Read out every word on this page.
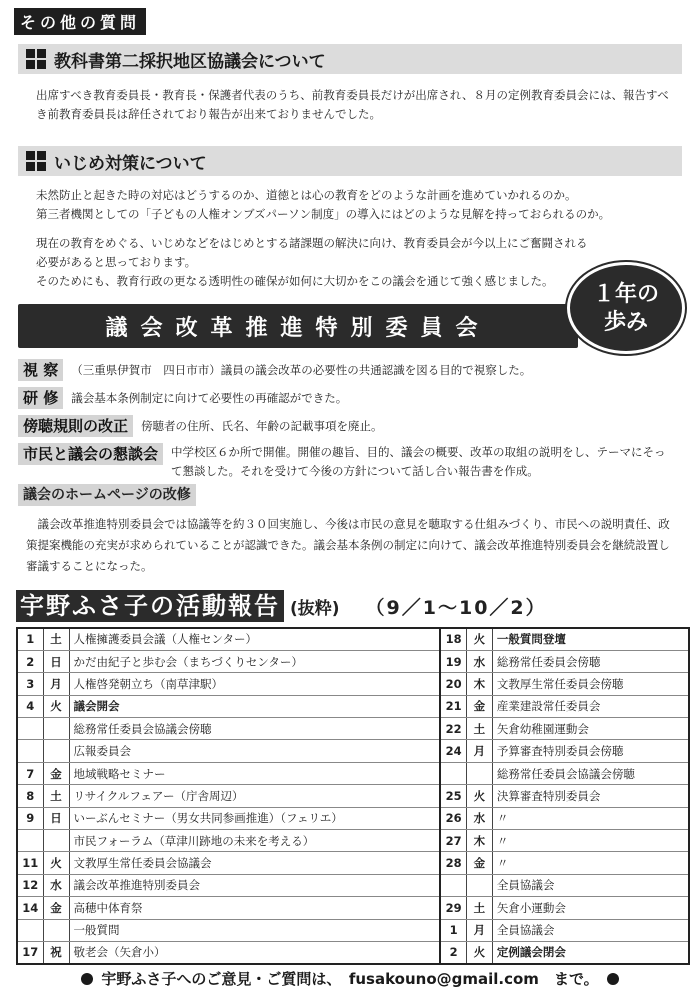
その他の質問
教科書第二採択地区協議会について
出席すべき教育委員長・教育長・保護者代表のうち、前教育委員長だけが出席され、８月の定例教育委員会には、報告すべき前教育委員長は辞任されており報告が出来ておりませんでした。
いじめ対策について
未然防止と起きた時の対応はどうするのか、道徳とは心の教育をどのような計画を進めていかれるのか。
第三者機関としての「子どもの人権オンブズパーソン制度」の導入にはどのような見解を持っておられるのか。
現在の教育をめぐる、いじめなどをはじめとする諸課題の解決に向け、教育委員会が今以上にご奮闘される必要があると思っております。
そのためにも、教育行政の更なる透明性の確保が如何に大切かをこの議会を通じて強く感じました。
議会改革推進特別委員会
１年の
歩み
視 察	（三重県伊賀市　四日市市）議員の議会改革の必要性の共通認識を図る目的で視察した。
研 修	議会基本条例制定に向けて必要性の再確認ができた。
傍聴規則の改正	傍聴者の住所、氏名、年齢の記載事項を廃止。
市民と議会の懇談会	中学校区６か所で開催。開催の趣旨、目的、議会の概要、改革の取組の説明をし、テーマにそって懇談した。それを受けて今後の方針について話し合い報告書を作成。
議会のホームページの改修
議会改革推進特別委員会では協議等を約３０回実施し、今後は市民の意見を聴取する仕組みづくり、市民への説明責任、政策提案機能の充実が求められていることが認識できた。議会基本条例の制定に向けて、議会改革推進特別委員会を継続設置し審議することになった。
宇野ふさ子の活動報告 (抜粋) （9／1～10／2）
1	土	人権擁護委員会議（人権センター）	18	火	一般質問登壇
2	日	かだ由紀子と歩む会（まちづくりセンター）	19	水	総務常任委員会傍聴
3	月	人権啓発朝立ち（南草津駅）	20	木	文教厚生常任委員会傍聴
4	火	議会開会	21	金	産業建設常任委員会
		総務常任委員会協議会傍聴	22	土	矢倉幼稚園運動会
		広報委員会	24	月	予算審査特別委員会傍聴
7	金	地域戦略セミナー			総務常任委員会協議会傍聴
8	土	リサイクルフェアー（庁舎周辺）	25	火	決算審査特別委員会
9	日	いーぶんセミナー（男女共同参画推進）（フェリエ）	26	水	〃
		市民フォーラム（草津川跡地の未来を考える）	27	木	〃
11	火	文教厚生常任委員会協議会	28	金	〃
12	水	議会改革推進特別委員会			全員協議会
14	金	高穂中体育祭	29	土	矢倉小運動会
		一般質問	1	月	全員協議会
17	祝	敬老会（矢倉小）	2	火	定例議会閉会
宇野ふさ子へのご意見・ご質問は、　fusakouno@gmail.com　まで。
